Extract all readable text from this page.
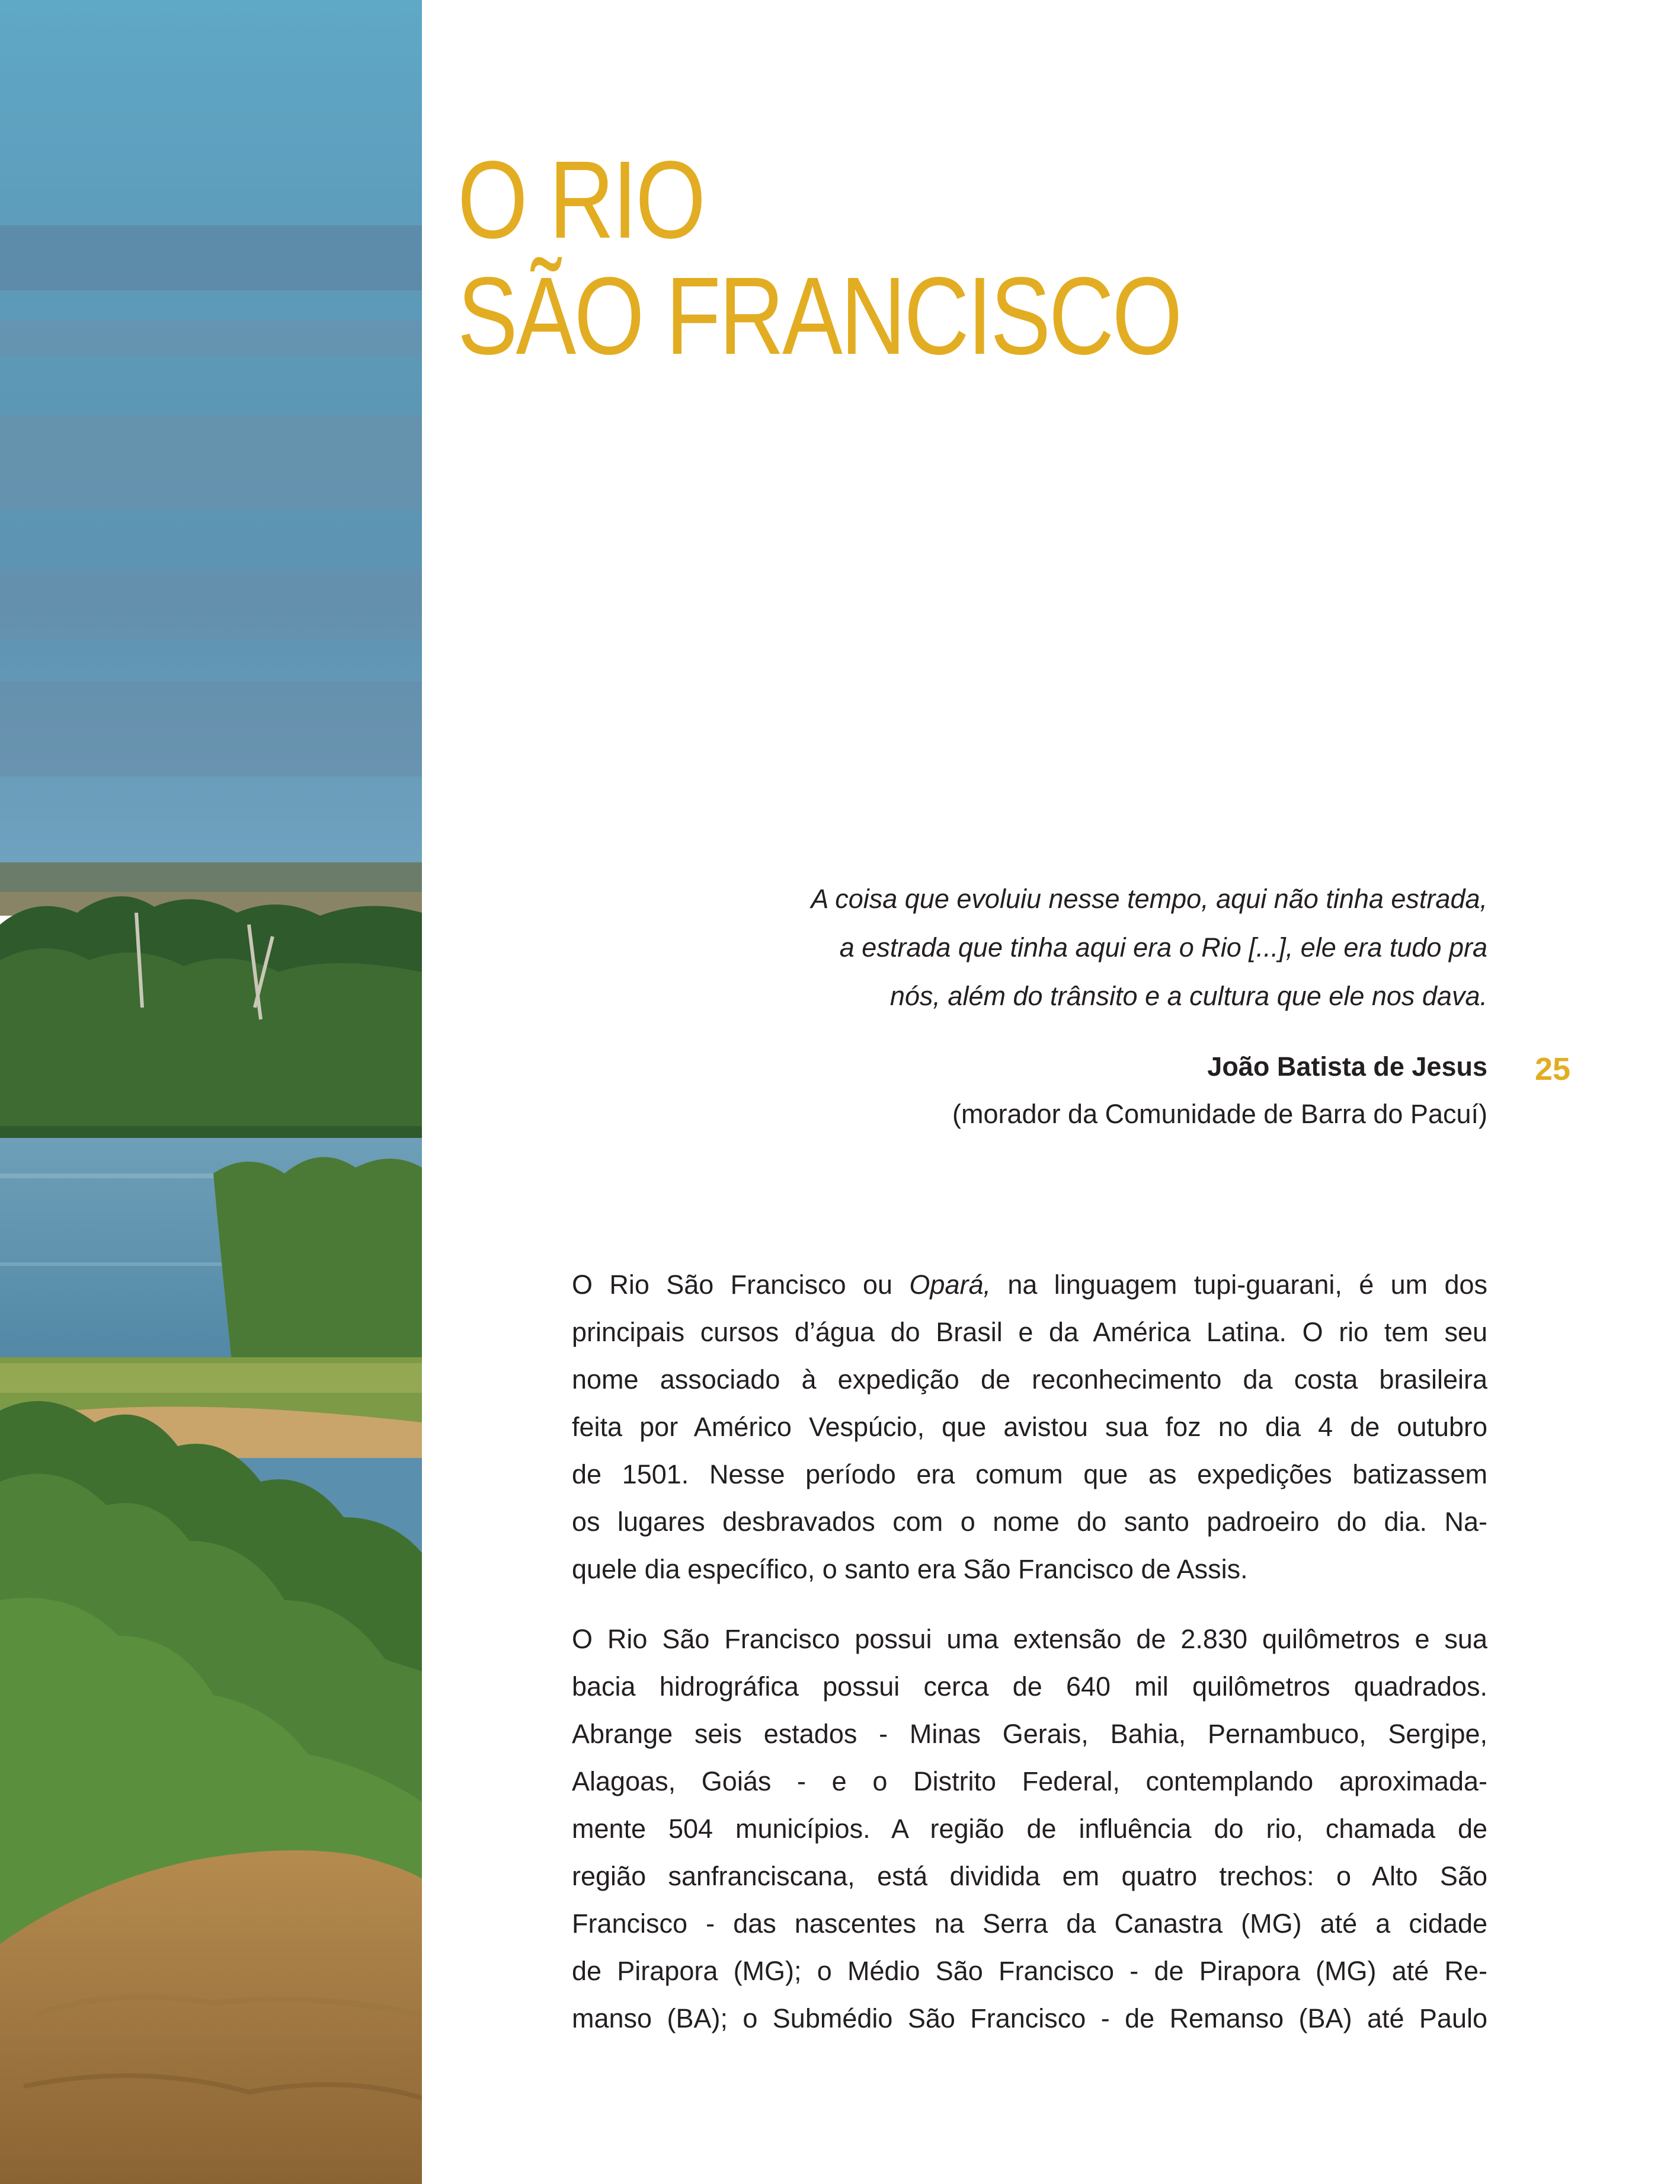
O RIO
SÃO FRANCISCO
A coisa que evoluiu nesse tempo, aqui não tinha estrada,
a estrada que tinha aqui era o Rio [...], ele era tudo pra
nós, além do trânsito e a cultura que ele nos dava.

João Batista de Jesus

(morador da Comunidade de Barra do Pacuí)

25

O Rio São Francisco ou Opará, na linguagem tupi-guarani, é um dos
principais cursos d’água do Brasil e da América Latina. O rio tem seu
nome associado à expedição de reconhecimento da costa brasileira
feita por Américo Vespúcio, que avistou sua foz no dia 4 de outubro
de 1501. Nesse período era comum que as expedições batizassem
os lugares desbravados com o nome do santo padroeiro do dia. Na-
quele dia específico, o santo era São Francisco de Assis.
O Rio São Francisco possui uma extensão de 2.830 quilômetros e sua
bacia hidrográfica possui cerca de 640 mil quilômetros quadrados.
Abrange seis estados - Minas Gerais, Bahia, Pernambuco, Sergipe,
Alagoas, Goiás - e o Distrito Federal, contemplando aproximada-
mente 504 municípios. A região de influência do rio, chamada de
região sanfranciscana, está dividida em quatro trechos: o Alto São
Francisco - das nascentes na Serra da Canastra (MG) até a cidade
de Pirapora (MG); o Médio São Francisco - de Pirapora (MG) até Re-
manso (BA); o Submédio São Francisco - de Remanso (BA) até Paulo
